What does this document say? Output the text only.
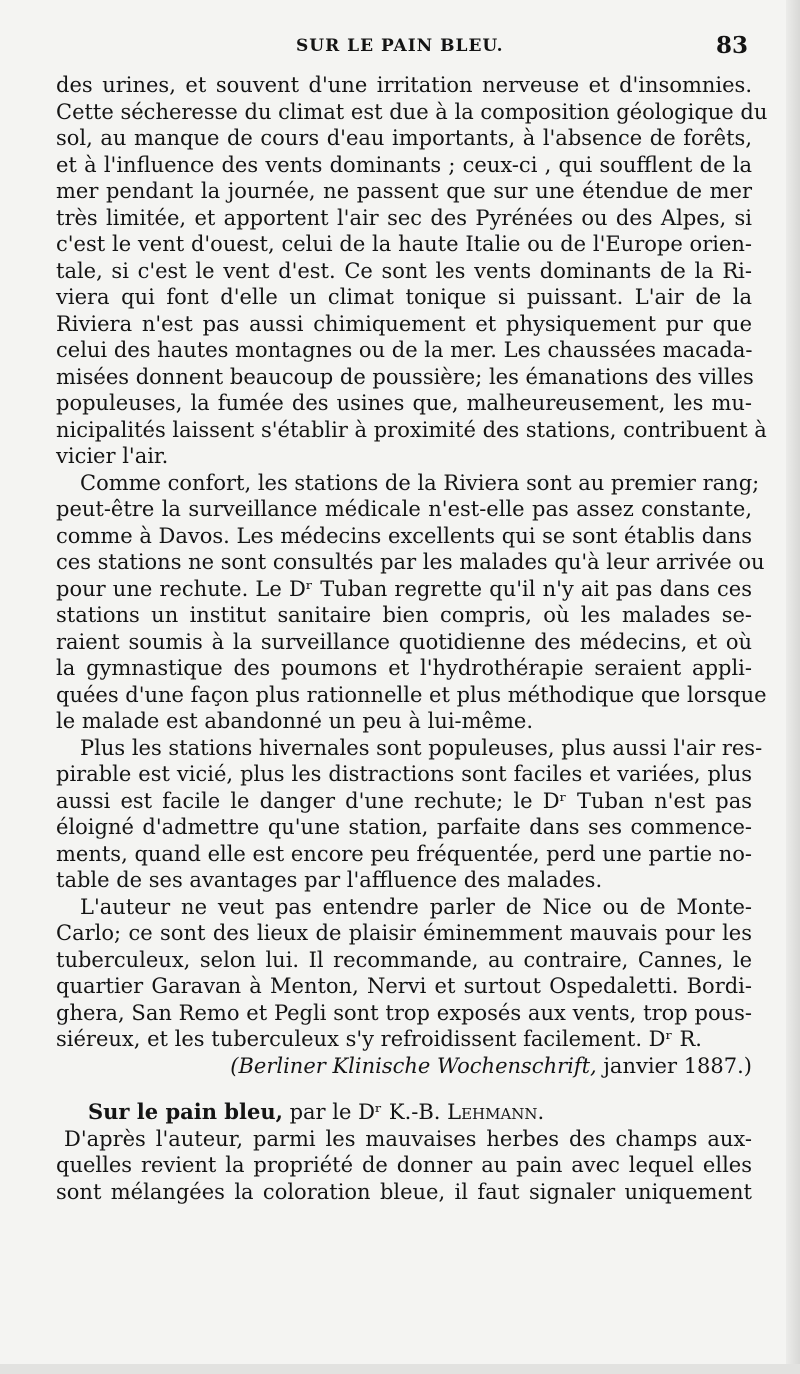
SUR LE PAIN BLEU.	83
des urines, et souvent d'une irritation nerveuse et d'insomnies.
Cette sécheresse du climat est due à la composition géologique du
sol, au manque de cours d'eau importants, à l'absence de forêts,
et à l'influence des vents dominants ; ceux-ci , qui soufflent de la
mer pendant la journée, ne passent que sur une étendue de mer
très limitée, et apportent l'air sec des Pyrénées ou des Alpes, si
c'est le vent d'ouest, celui de la haute Italie ou de l'Europe orien-
tale, si c'est le vent d'est. Ce sont les vents dominants de la Ri-
viera qui font d'elle un climat tonique si puissant. L'air de la
Riviera n'est pas aussi chimiquement et physiquement pur que
celui des hautes montagnes ou de la mer. Les chaussées macada-
misées donnent beaucoup de poussière; les émanations des villes
populeuses, la fumée des usines que, malheureusement, les mu-
nicipalités laissent s'établir à proximité des stations, contribuent à
vicier l'air.
Comme confort, les stations de la Riviera sont au premier rang;
peut-être la surveillance médicale n'est-elle pas assez constante,
comme à Davos. Les médecins excellents qui se sont établis dans
ces stations ne sont consultés par les malades qu'à leur arrivée ou
pour une rechute. Le Dʳ Tuban regrette qu'il n'y ait pas dans ces
stations un institut sanitaire bien compris, où les malades se-
raient soumis à la surveillance quotidienne des médecins, et où
la gymnastique des poumons et l'hydrothérapie seraient appli-
quées d'une façon plus rationnelle et plus méthodique que lorsque
le malade est abandonné un peu à lui-même.
Plus les stations hivernales sont populeuses, plus aussi l'air res-
pirable est vicié, plus les distractions sont faciles et variées, plus
aussi est facile le danger d'une rechute; le Dʳ Tuban n'est pas
éloigné d'admettre qu'une station, parfaite dans ses commence-
ments, quand elle est encore peu fréquentée, perd une partie no-
table de ses avantages par l'affluence des malades.
L'auteur ne veut pas entendre parler de Nice ou de Monte-
Carlo; ce sont des lieux de plaisir éminemment mauvais pour les
tuberculeux, selon lui. Il recommande, au contraire, Cannes, le
quartier Garavan à Menton, Nervi et surtout Ospedaletti. Bordi-
ghera, San Remo et Pegli sont trop exposés aux vents, trop pous-
siéreux, et les tuberculeux s'y refroidissent facilement. Dʳ R.

(Berliner Klinische Wochenschrift, janvier 1887.)

Sur le pain bleu, par le Dʳ K.-B. Lehmann.

D'après l'auteur, parmi les mauvaises herbes des champs aux-
quelles revient la propriété de donner au pain avec lequel elles
sont mélangées la coloration bleue, il faut signaler uniquement
